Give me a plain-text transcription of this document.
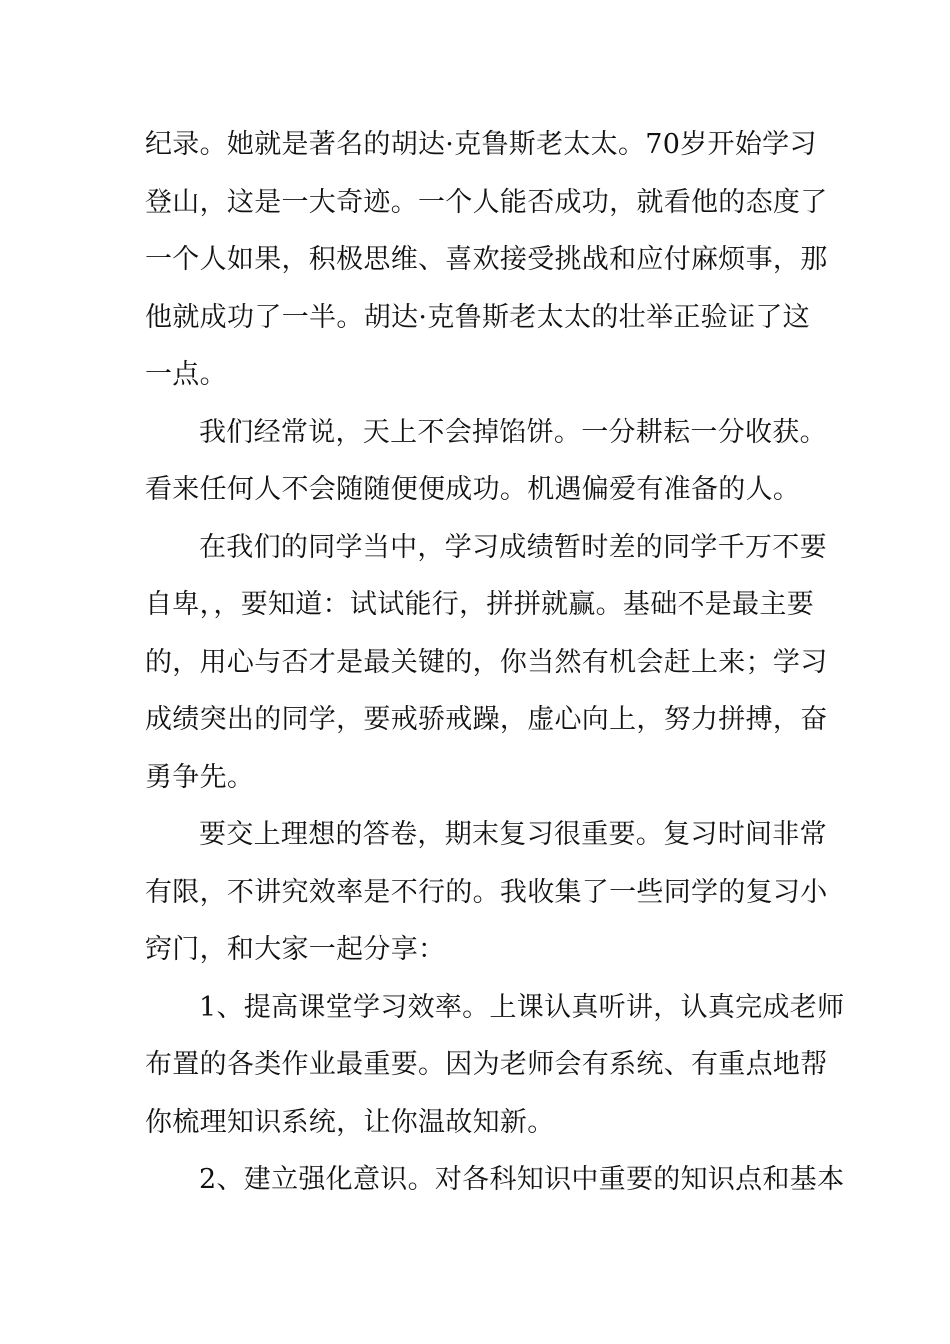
纪录。她就是著名的胡达·克鲁斯老太太。70岁开始学习
登山，这是一大奇迹。一个人能否成功，就看他的态度了
一个人如果，积极思维、喜欢接受挑战和应付麻烦事，那
他就成功了一半。胡达·克鲁斯老太太的壮举正验证了这
一点。
我们经常说，天上不会掉馅饼。一分耕耘一分收获。
看来任何人不会随随便便成功。机遇偏爱有准备的人。
在我们的同学当中，学习成绩暂时差的同学千万不要
自卑，，要知道：试试能行，拼拼就赢。基础不是最主要
的，用心与否才是最关键的，你当然有机会赶上来；学习
成绩突出的同学，要戒骄戒躁，虚心向上，努力拼搏，奋
勇争先。
要交上理想的答卷，期末复习很重要。复习时间非常
有限，不讲究效率是不行的。我收集了一些同学的复习小
窍门，和大家一起分享：
1、提高课堂学习效率。上课认真听讲，认真完成老师
布置的各类作业最重要。因为老师会有系统、有重点地帮
你梳理知识系统，让你温故知新。
2、建立强化意识。对各科知识中重要的知识点和基本
